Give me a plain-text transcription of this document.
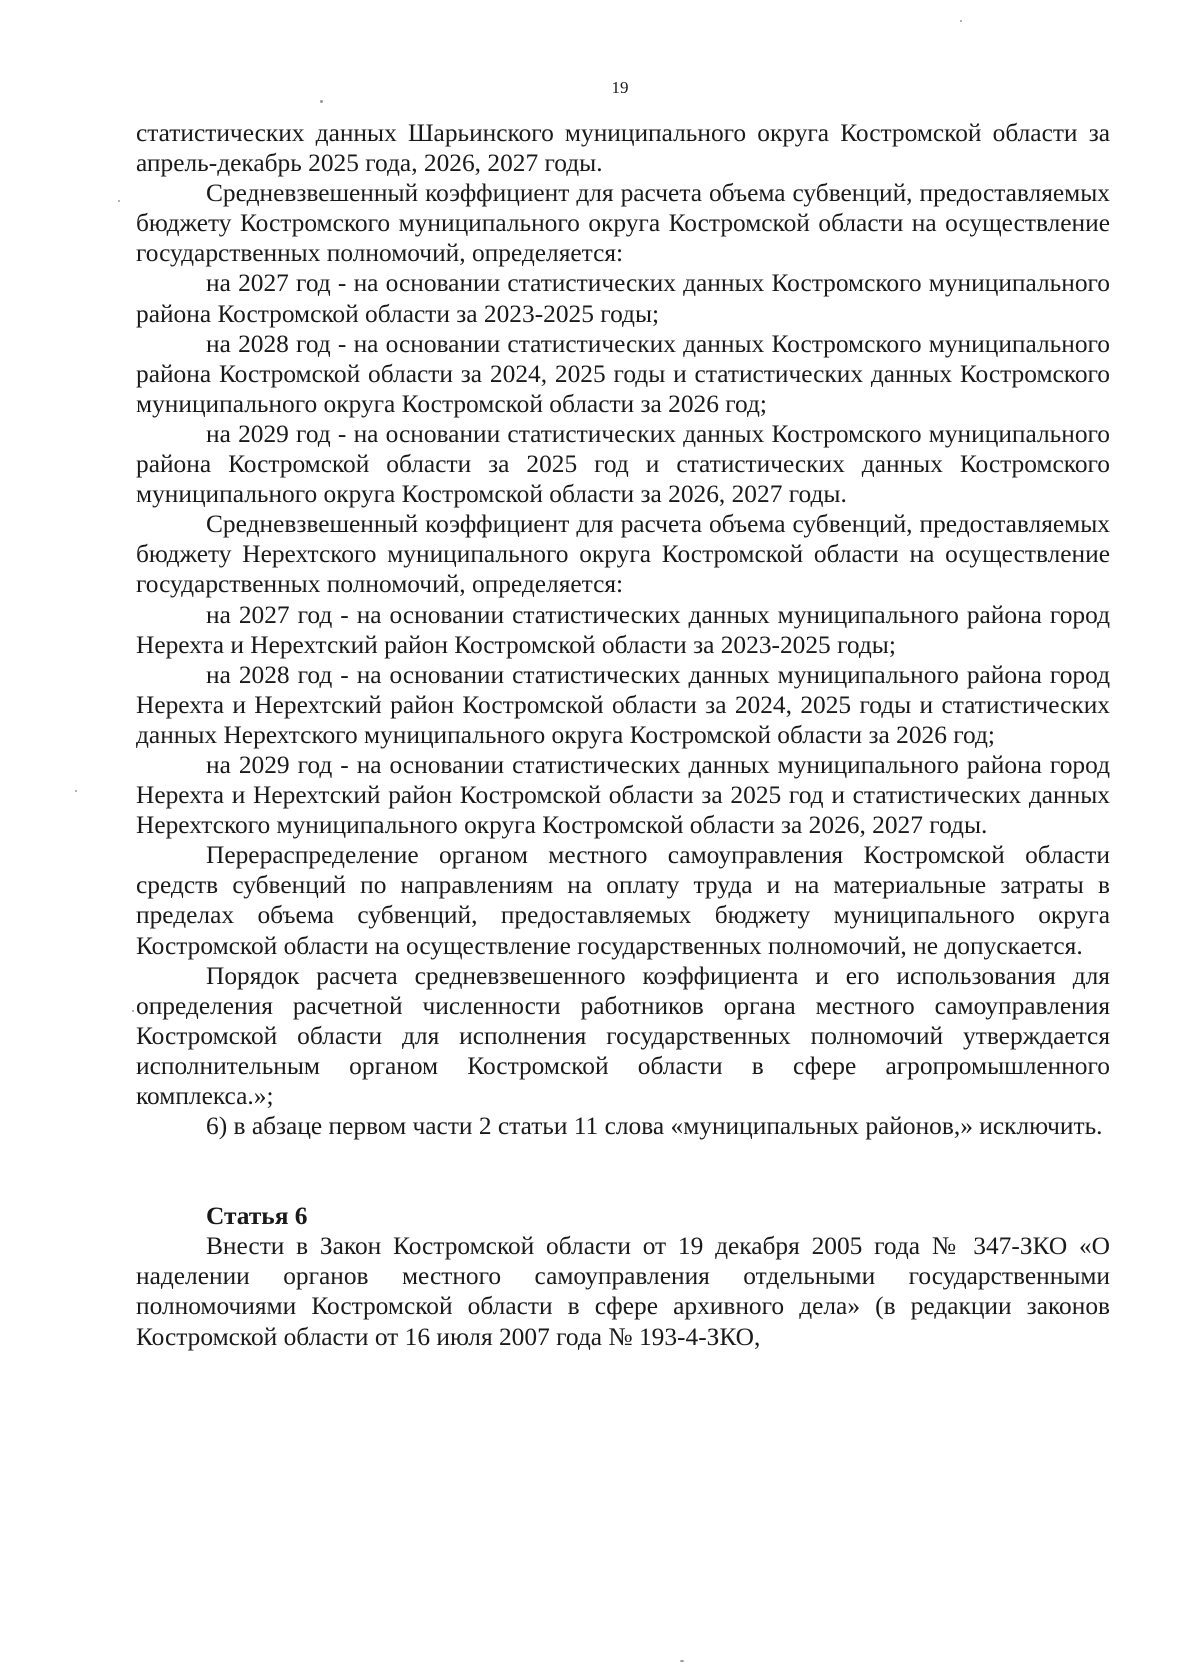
19

статистических данных Шарьинского муниципального округа Костромской области за апрель-декабрь 2025 года, 2026, 2027 годы.

Средневзвешенный коэффициент для расчета объема субвенций, предоставляемых бюджету Костромского муниципального округа Костромской области на осуществление государственных полномочий, определяется:

на 2027 год - на основании статистических данных Костромского муниципального района Костромской области за 2023-2025 годы;

на 2028 год - на основании статистических данных Костромского муниципального района Костромской области за 2024, 2025 годы и статистических данных Костромского муниципального округа Костромской области за 2026 год;

на 2029 год - на основании статистических данных Костромского муниципального района Костромской области за 2025 год и статистических данных Костромского муниципального округа Костромской области за 2026, 2027 годы.

Средневзвешенный коэффициент для расчета объема субвенций, предоставляемых бюджету Нерехтского муниципального округа Костромской области на осуществление государственных полномочий, определяется:

на 2027 год - на основании статистических данных муниципального района город Нерехта и Нерехтский район Костромской области за 2023-2025 годы;

на 2028 год - на основании статистических данных муниципального района город Нерехта и Нерехтский район Костромской области за 2024, 2025 годы и статистических данных Нерехтского муниципального округа Костромской области за 2026 год;

на 2029 год - на основании статистических данных муниципального района город Нерехта и Нерехтский район Костромской области за 2025 год и статистических данных Нерехтского муниципального округа Костромской области за 2026, 2027 годы.

Перераспределение органом местного самоуправления Костромской области средств субвенций по направлениям на оплату труда и на материальные затраты в пределах объема субвенций, предоставляемых бюджету муниципального округа Костромской области на осуществление государственных полномочий, не допускается.

Порядок расчета средневзвешенного коэффициента и его использования для определения расчетной численности работников органа местного самоуправления Костромской области для исполнения государственных полномочий утверждается исполнительным органом Костромской области в сфере агропромышленного комплекса.»;

6) в абзаце первом части 2 статьи 11 слова «муниципальных районов,» исключить.

Статья 6

Внести в Закон Костромской области от 19 декабря 2005 года № 347-ЗКО «О наделении органов местного самоуправления отдельными государственными полномочиями Костромской области в сфере архивного дела» (в редакции законов Костромской области от 16 июля 2007 года № 193-4-ЗКО,
